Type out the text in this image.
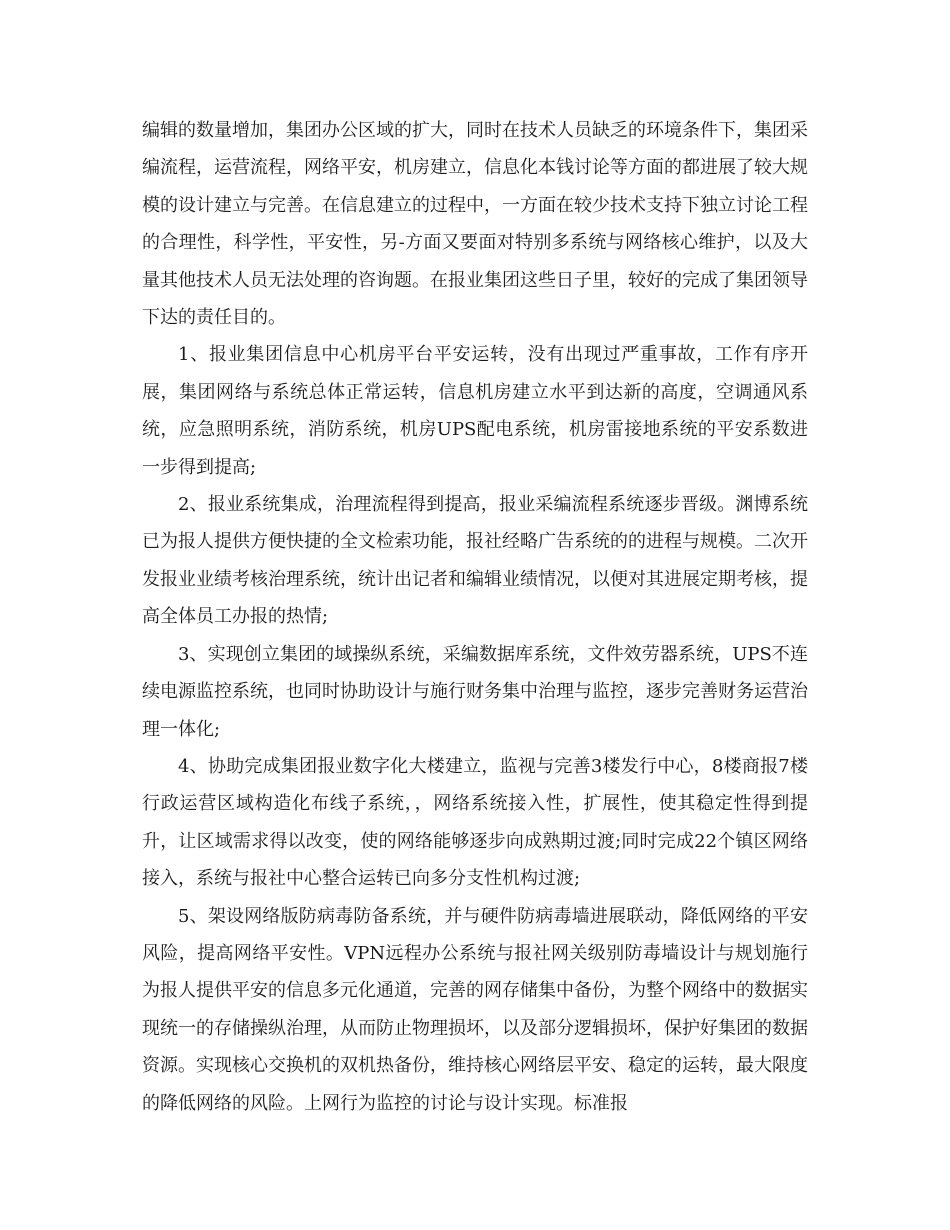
编辑的数量增加，集团办公区域的扩大，同时在技术人员缺乏的环境条件下，集团采编流程，运营流程，网络平安，机房建立，信息化本钱讨论等方面的都进展了较大规模的设计建立与完善。在信息建立的过程中，一方面在较少技术支持下独立讨论工程的合理性，科学性，平安性，另-方面又要面对特别多系统与网络核心维护，以及大量其他技术人员无法处理的咨询题。在报业集团这些日子里，较好的完成了集团领导下达的责任目的。

1、报业集团信息中心机房平台平安运转，没有出现过严重事故，工作有序开展，集团网络与系统总体正常运转，信息机房建立水平到达新的高度，空调通风系统，应急照明系统，消防系统，机房UPS配电系统，机房雷接地系统的平安系数进一步得到提高;

2、报业系统集成，治理流程得到提高，报业采编流程系统逐步晋级。渊博系统已为报人提供方便快捷的全文检索功能，报社经略广告系统的的进程与规模。二次开发报业业绩考核治理系统，统计出记者和编辑业绩情况，以便对其进展定期考核，提高全体员工办报的热情;

3、实现创立集团的域操纵系统，采编数据库系统，文件效劳器系统，UPS不连续电源监控系统，也同时协助设计与施行财务集中治理与监控，逐步完善财务运营治理一体化;

4、协助完成集团报业数字化大楼建立，监视与完善3楼发行中心，8楼商报7楼行政运营区域构造化布线子系统，，网络系统接入性，扩展性，使其稳定性得到提升，让区域需求得以改变，使的网络能够逐步向成熟期过渡;同时完成22个镇区网络接入，系统与报社中心整合运转已向多分支性机构过渡;

5、架设网络版防病毒防备系统，并与硬件防病毒墙进展联动，降低网络的平安风险，提高网络平安性。VPN远程办公系统与报社网关级别防毒墙设计与规划施行为报人提供平安的信息多元化通道，完善的网存储集中备份，为整个网络中的数据实现统一的存储操纵治理，从而防止物理损坏，以及部分逻辑损坏，保护好集团的数据资源。实现核心交换机的双机热备份，维持核心网络层平安、稳定的运转，最大限度的降低网络的风险。上网行为监控的讨论与设计实现。标准报
